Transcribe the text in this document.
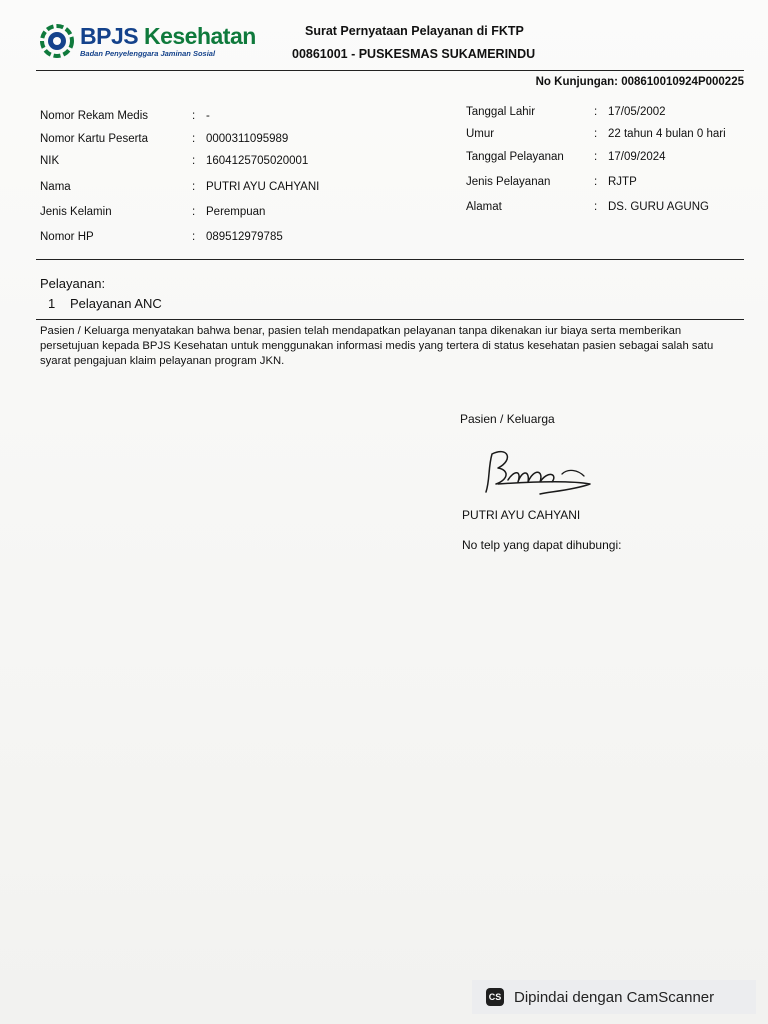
BPJS Kesehatan
Badan Penyelenggara Jaminan Sosial
Surat Pernyataan Pelayanan di FKTP
00861001 - PUSKESMAS SUKAMERINDU
No Kunjungan: 008610010924P000225
Nomor Rekam Medis	: -
Nomor Kartu Peserta	: 0000311095989
NIK	: 1604125705020001
Nama	: PUTRI AYU CAHYANI
Jenis Kelamin	: Perempuan
Nomor HP	: 089512979785
Tanggal Lahir	: 17/05/2002
Umur	: 22 tahun 4 bulan 0 hari
Tanggal Pelayanan	: 17/09/2024
Jenis Pelayanan	: RJTP
Alamat	: DS. GURU AGUNG
Pelayanan:
1	Pelayanan ANC
Pasien / Keluarga menyatakan bahwa benar, pasien telah mendapatkan pelayanan tanpa dikenakan iur biaya serta memberikan persetujuan kepada BPJS Kesehatan untuk menggunakan informasi medis yang tertera di status kesehatan pasien sebagai salah satu syarat pengajuan klaim pelayanan program JKN.
Pasien / Keluarga
PUTRI AYU CAHYANI
No telp yang dapat dihubungi:
CS Dipindai dengan CamScanner
